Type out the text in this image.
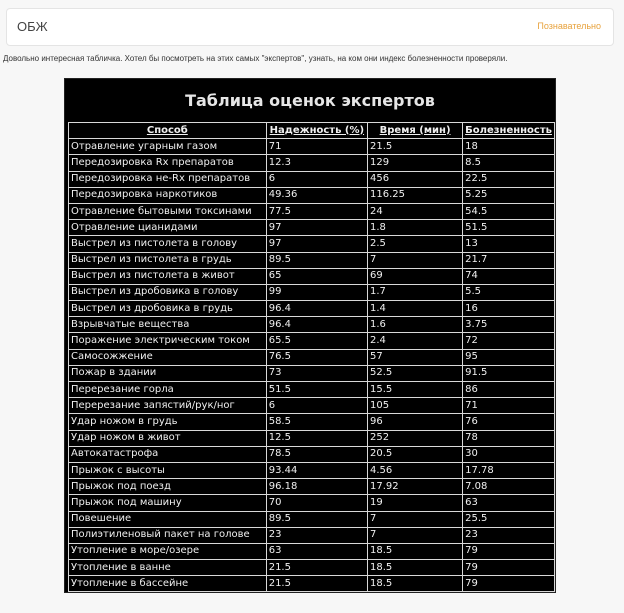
ОБЖ	Познавательно
Довольно интересная табличка. Хотел бы посмотреть на этих самых "экспертов", узнать, на ком они индекс болезненности проверяли.
Таблица оценок экспертов
Способ	Надежность (%)	Время (мин)	Болезненность
Отравление угарным газом	71	21.5	18
Передозировка Rx препаратов	12.3	129	8.5
Передозировка не-Rx препаратов	6	456	22.5
Передозировка наркотиков	49.36	116.25	5.25
Отравление бытовыми токсинами	77.5	24	54.5
Отравление цианидами	97	1.8	51.5
Выстрел из пистолета в голову	97	2.5	13
Выстрел из пистолета в грудь	89.5	7	21.7
Выстрел из пистолета в живот	65	69	74
Выстрел из дробовика в голову	99	1.7	5.5
Выстрел из дробовика в грудь	96.4	1.4	16
Взрывчатые вещества	96.4	1.6	3.75
Поражение электрическим током	65.5	2.4	72
Самосожжение	76.5	57	95
Пожар в здании	73	52.5	91.5
Перерезание горла	51.5	15.5	86
Перерезание запястий/рук/ног	6	105	71
Удар ножом в грудь	58.5	96	76
Удар ножом в живот	12.5	252	78
Автокатастрофа	78.5	20.5	30
Прыжок с высоты	93.44	4.56	17.78
Прыжок под поезд	96.18	17.92	7.08
Прыжок под машину	70	19	63
Повешение	89.5	7	25.5
Полиэтиленовый пакет на голове	23	7	23
Утопление в море/озере	63	18.5	79
Утопление в ванне	21.5	18.5	79
Утопление в бассейне	21.5	18.5	79
